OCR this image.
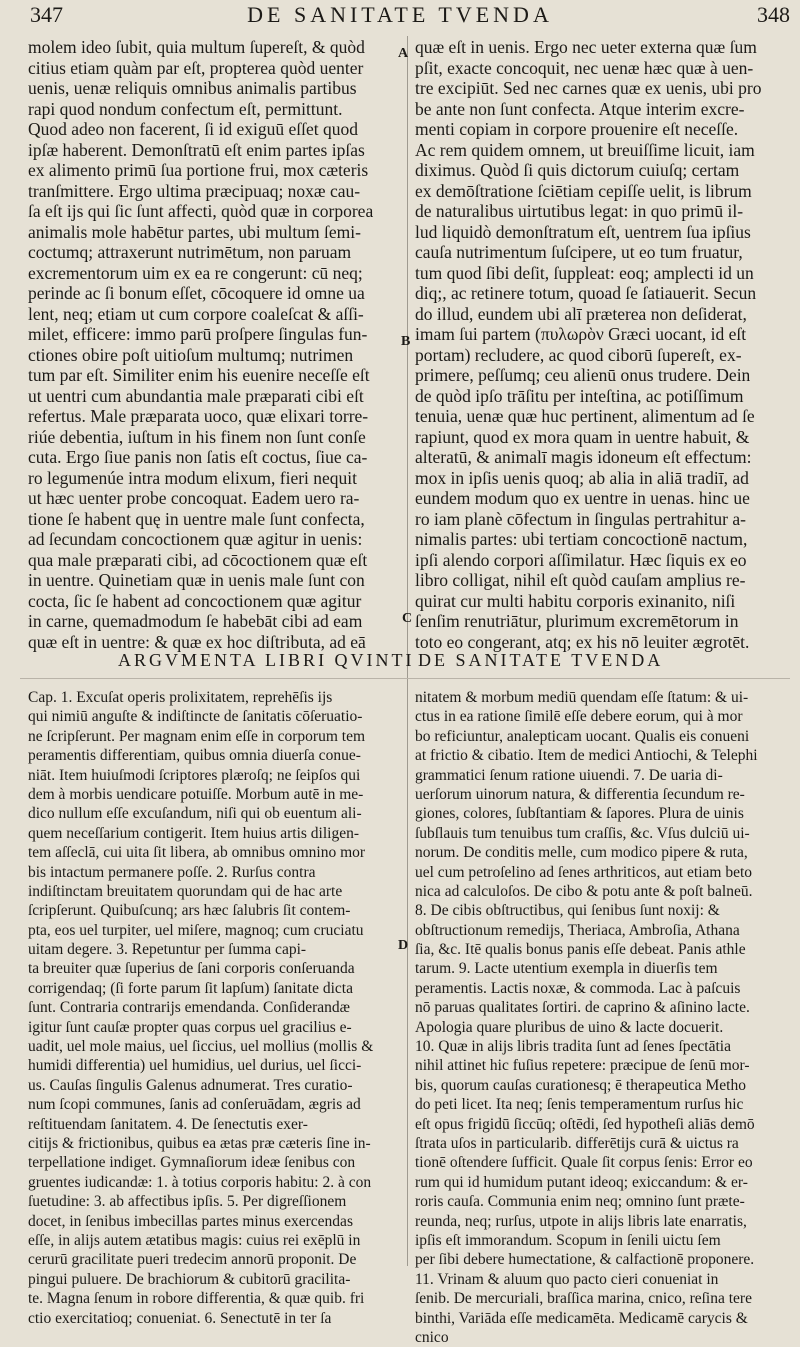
347	DE SANITATE TVENDA	348
molem ideo ſubit, quia multum ſupereſt, & quòd
citius etiam quàm par eſt, propterea quòd uenter
uenis, uenæ reliquis omnibus animalis partibus
rapi quod nondum confectum eſt, permittunt.
Quod adeo non facerent, ſi id exiguū eſſet quod
ipſæ haberent. Demonſtratū eſt enim partes ipſas
ex alimento primū ſua portione frui, mox cæteris
tranſmittere. Ergo ultima præcipuaq; noxæ cau-
ſa eſt ijs qui ſic ſunt affecti, quòd quæ in corporea
animalis mole habētur partes, ubi multum ſemi-
coctumq; attraxerunt nutrimētum, non paruam
excrementorum uim ex ea re congerunt: cū neq;
perinde ac ſi bonum eſſet, cōcoquere id omne ua
lent, neq; etiam ut cum corpore coaleſcat & aſſi-
milet, efficere: immo parū proſpere ſingulas fun-
ctiones obire poſt uitioſum multumq; nutrimen
tum par eſt. Similiter enim his euenire neceſſe eſt
ut uentri cum abundantia male præparati cibi eſt
refertus. Male præparata uoco, quæ elixari torre-
riúe debentia, iuſtum in his finem non ſunt conſe
cuta. Ergo ſiue panis non ſatis eſt coctus, ſiue ca-
ro legumenúe intra modum elixum, fieri nequit
ut hæc uenter probe concoquat. Eadem uero ra-
tione ſe habent quę in uentre male ſunt confecta,
ad ſecundam concoctionem quæ agitur in uenis:
qua male præparati cibi, ad cōcoctionem quæ eſt
in uentre. Quinetiam quæ in uenis male ſunt con
cocta, ſic ſe habent ad concoctionem quæ agitur
in carne, quemadmodum ſe habebāt cibi ad eam
quæ eſt in uentre: & quæ ex hoc diſtributa, ad eā
quæ eſt in uenis. Ergo nec ueter externa quæ ſum
pſit, exacte concoquit, nec uenæ hæc quæ à uen-
tre excipiūt. Sed nec carnes quæ ex uenis, ubi pro
be ante non ſunt confecta. Atque interim excre-
menti copiam in corpore prouenire eſt neceſſe.
Ac rem quidem omnem, ut breuiſſime licuit, iam
diximus. Quòd ſi quis dictorum cuiuſq; certam
ex demōſtratione ſciētiam cepiſſe uelit, is librum
de naturalibus uirtutibus legat: in quo primū il-
lud liquidò demonſtratum eſt, uentrem ſua ipſius
cauſa nutrimentum ſuſcipere, ut eo tum fruatur,
tum quod ſibi deſit, ſuppleat: eoq; amplecti id un
diq;, ac retinere totum, quoad ſe ſatiauerit. Secun
do illud, eundem ubi alī præterea non deſiderat,
imam ſui partem (πυλωρὸν Græci uocant, id eſt
portam) recludere, ac quod ciborū ſupereſt, ex-
primere, peſſumq; ceu alienū onus trudere. Dein
de quòd ipſo trāſitu per inteſtina, ac potiſſimum
tenuia, uenæ quæ huc pertinent, alimentum ad ſe
rapiunt, quod ex mora quam in uentre habuit, &
alteratū, & animalī magis idoneum eſt effectum:
mox in ipſis uenis quoq; ab alia in aliā tradiī, ad
eundem modum quo ex uentre in uenas. hinc ue
ro iam planè cōfectum in ſingulas pertrahitur a-
nimalis partes: ubi tertiam concoctionē nactum,
ipſi alendo corpori aſſimilatur. Hæc ſiquis ex eo
libro colligat, nihil eſt quòd cauſam amplius re-
quirat cur multi habitu corporis exinanito, niſi
ſenſim renutriātur, plurimum excremētorum in
toto eo congerant, atq; ex his nō leuiter ægrotēt.
A
B
C
D
ARGVMENTA LIBRI QVINTI DE SANITATE TVENDA
Cap. 1. Excuſat operis prolixitatem, reprehēſis ijs
qui nimiū anguſte & indiſtincte de ſanitatis cōſeruatio-
ne ſcripſerunt. Per magnam enim eſſe in corporum tem
peramentis differentiam, quibus omnia diuerſa conue-
niāt. Item huiuſmodi ſcriptores plæroſq; ne ſeipſos qui
dem à morbis uendicare potuiſſe. Morbum autē in me-
dico nullum eſſe excuſandum, niſi qui ob euentum ali-
quem neceſſarium contigerit. Item huius artis diligen-
tem aſſeclā, cui uita ſit libera, ab omnibus omnino mor
bis intactum permanere poſſe. 2. Rurſus contra
indiſtinctam breuitatem quorundam qui de hac arte
ſcripſerunt. Quibuſcunq; ars hæc ſalubris ſit contem-
pta, eos uel turpiter, uel miſere, magnoq; cum cruciatu
uitam degere. 3. Repetuntur per ſumma capi-
ta breuiter quæ ſuperius de ſani corporis conſeruanda
corrigendaq; (ſi forte parum ſit lapſum) ſanitate dicta
ſunt. Contraria contrarijs emendanda. Conſiderandæ
igitur ſunt cauſæ propter quas corpus uel gracilius e-
uadit, uel mole maius, uel ſiccius, uel mollius (mollis &
humidi differentia) uel humidius, uel durius, uel ſicci-
us. Cauſas ſingulis Galenus adnumerat. Tres curatio-
num ſcopi communes, ſanis ad conſeruādam, ægris ad
reſtituendam ſanitatem. 4. De ſenectutis exer-
citijs & frictionibus, quibus ea ætas præ cæteris ſine in-
terpellatione indiget. Gymnaſiorum ideæ ſenibus con
gruentes iudicandæ: 1. à totius corporis habitu: 2. à con
ſuetudine: 3. ab affectibus ipſis. 5. Per digreſſionem
docet, in ſenibus imbecillas partes minus exercendas
eſſe, in alijs autem ætatibus magis: cuius rei exēplū in
cerurū gracilitate pueri tredecim annorū proponit. De
pingui puluere. De brachiorum & cubitorū gracilita-
te. Magna ſenum in robore differentia, & quæ quib. fri
ctio exercitatioq; conueniat. 6. Senectutē in ter ſa
nitatem & morbum mediū quendam eſſe ſtatum: & ui-
ctus in ea ratione ſimilē eſſe debere eorum, qui à mor
bo reficiuntur, analepticam uocant. Qualis eis conueni
at frictio & cibatio. Item de medici Antiochi, & Telephi
grammatici ſenum ratione uiuendi. 7. De uaria di-
uerſorum uinorum natura, & differentia ſecundum re-
giones, colores, ſubſtantiam & ſapores. Plura de uinis
ſubſlauis tum tenuibus tum craſſis, &c. Vſus dulciū ui-
norum. De conditis melle, cum modico pipere & ruta,
uel cum petroſelino ad ſenes arthriticos, aut etiam beto
nica ad calculoſos. De cibo & potu ante & poſt balneū.
8. De cibis obſtructibus, qui ſenibus ſunt noxij: &
obſtructionum remedijs, Theriaca, Ambroſia, Athana
ſia, &c. Itē qualis bonus panis eſſe debeat. Panis athle
tarum. 9. Lacte utentium exempla in diuerſis tem
peramentis. Lactis noxæ, & commoda. Lac à paſcuis
nō paruas qualitates ſortiri. de caprino & aſinino lacte.
Apologia quare pluribus de uino & lacte docuerit.
10. Quæ in alijs libris tradita ſunt ad ſenes ſpectātia
nihil attinet hic fuſius repetere: præcipue de ſenū mor-
bis, quorum cauſas curationesq; ē therapeutica Metho
do peti licet. Ita neq; ſenis temperamentum rurſus hic
eſt opus frigidū ſiccūq; oſtēdi, ſed hypotheſi aliās demō
ſtrata uſos in particularib. differētijs curā & uictus ra
tionē oſtendere ſufficit. Quale ſit corpus ſenis: Error eo
rum qui id humidum putant ideoq; exiccandum: & er-
roris cauſa. Communia enim neq; omnino ſunt præte-
reunda, neq; rurſus, utpote in alijs libris late enarratis,
ipſis eſt immorandum. Scopum in ſenili uictu ſem
per ſibi debere humectatione, & calfactionē proponere.
11. Vrinam & aluum quo pacto cieri conueniat in
ſenib. De mercuriali, braſſica marina, cnico, reſina tere
binthi, Variāda eſſe medicamēta. Medicamē carycis &
cnico
